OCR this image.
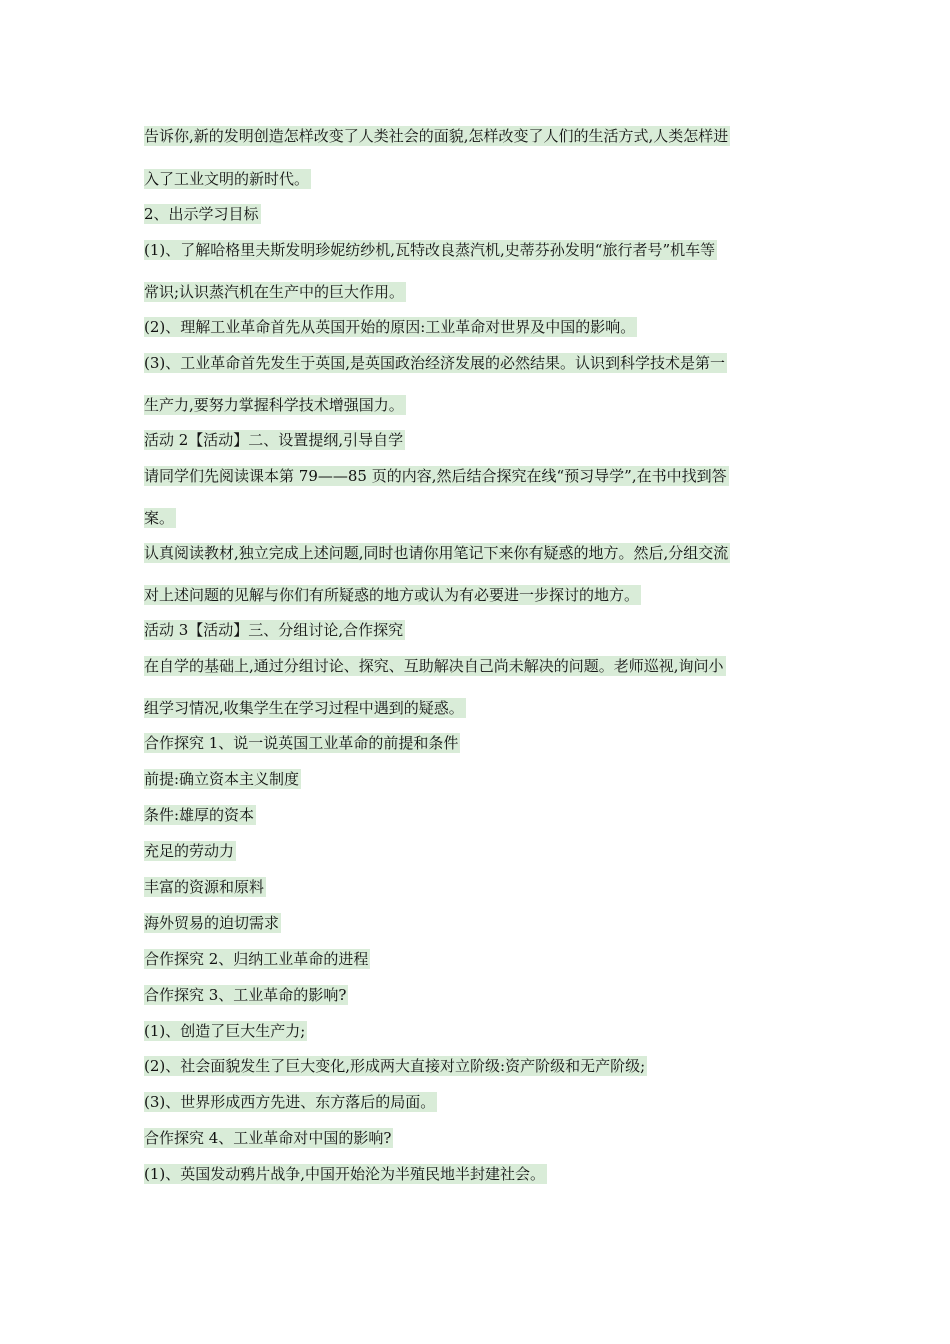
告诉你,新的发明创造怎样改变了人类社会的面貌,怎样改变了人们的生活方式,人类怎样进
入了工业文明的新时代。
2、出示学习目标
(1)、了解哈格里夫斯发明珍妮纺纱机,瓦特改良蒸汽机,史蒂芬孙发明“旅行者号”机车等
常识;认识蒸汽机在生产中的巨大作用。
(2)、理解工业革命首先从英国开始的原因:工业革命对世界及中国的影响。
(3)、工业革命首先发生于英国,是英国政治经济发展的必然结果。认识到科学技术是第一
生产力,要努力掌握科学技术增强国力。
活动 2【活动】二、设置提纲,引导自学
请同学们先阅读课本第 79——85 页的内容,然后结合探究在线“预习导学”,在书中找到答
案。
认真阅读教材,独立完成上述问题,同时也请你用笔记下来你有疑惑的地方。然后,分组交流
对上述问题的见解与你们有所疑惑的地方或认为有必要进一步探讨的地方。
活动 3【活动】三、分组讨论,合作探究
在自学的基础上,通过分组讨论、探究、互助解决自己尚未解决的问题。老师巡视,询问小
组学习情况,收集学生在学习过程中遇到的疑惑。
合作探究 1、说一说英国工业革命的前提和条件
前提:确立资本主义制度
条件:雄厚的资本
充足的劳动力
丰富的资源和原料
海外贸易的迫切需求
合作探究 2、归纳工业革命的进程
合作探究 3、工业革命的影响?
(1)、创造了巨大生产力;
(2)、社会面貌发生了巨大变化,形成两大直接对立阶级:资产阶级和无产阶级;
(3)、世界形成西方先进、东方落后的局面。
合作探究 4、工业革命对中国的影响?
(1)、英国发动鸦片战争,中国开始沦为半殖民地半封建社会。
